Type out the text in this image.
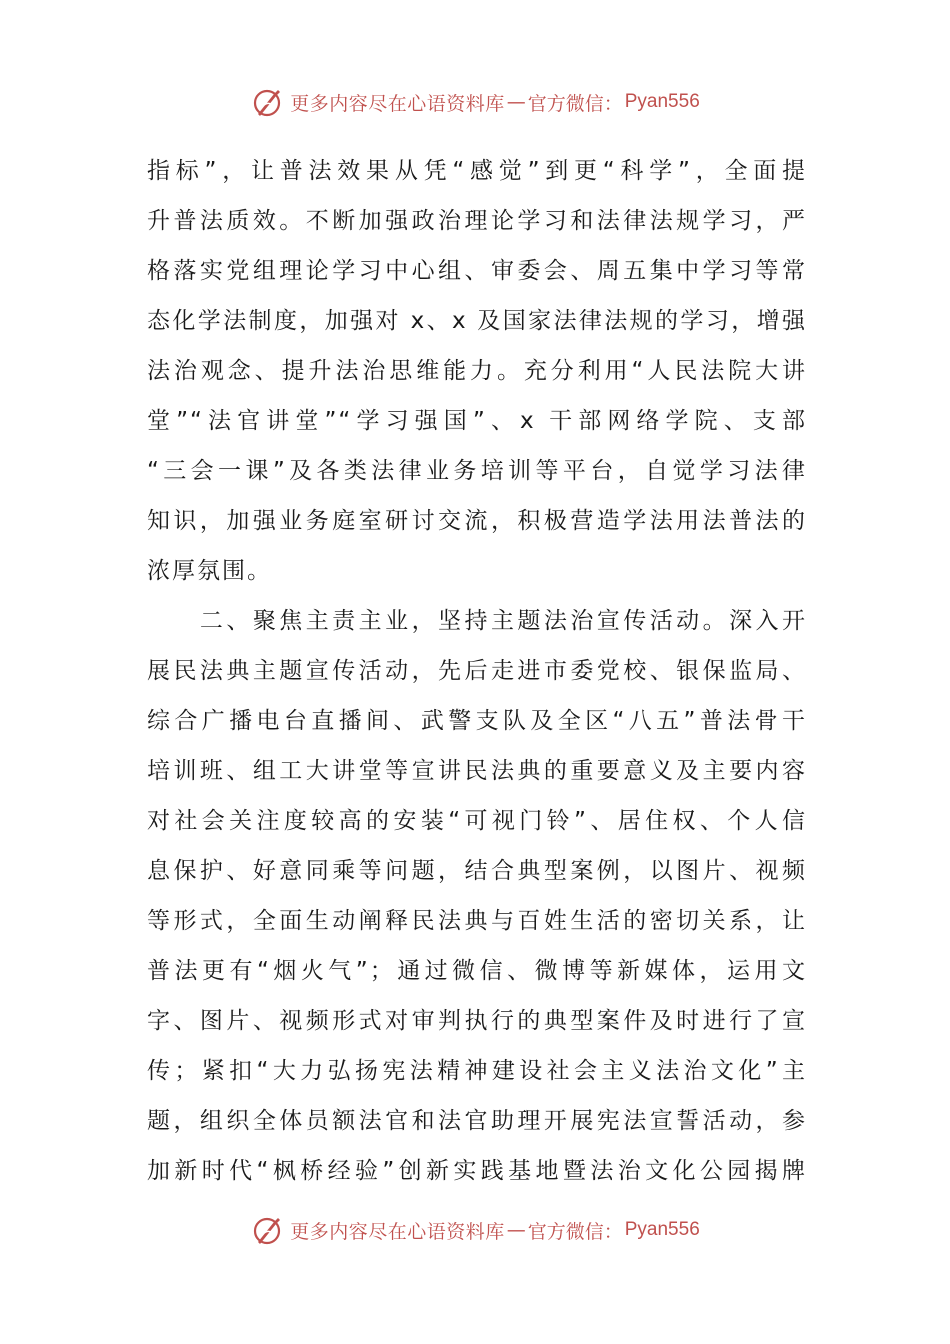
更多内容尽在心语资料库 — 官方微信： Pyan556
指标”，让普法效果从凭“感觉”到更“科学”，全面提
升普法质效。不断加强政治理论学习和法律法规学习，严
格落实党组理论学习中心组、审委会、周五集中学习等常
态化学法制度，加强对 x、x 及国家法律法规的学习，增强
法治观念、提升法治思维能力。充分利用“人民法院大讲
堂”“法官讲堂”“学习强国”、x 干部网络学院、支部
“三会一课”及各类法律业务培训等平台，自觉学习法律
知识，加强业务庭室研讨交流，积极营造学法用法普法的
浓厚氛围。
　　二、聚焦主责主业，坚持主题法治宣传活动。深入开
展民法典主题宣传活动，先后走进市委党校、银保监局、
综合广播电台直播间、武警支队及全区“八五”普法骨干
培训班、组工大讲堂等宣讲民法典的重要意义及主要内容
对社会关注度较高的安装“可视门铃”、居住权、个人信
息保护、好意同乘等问题，结合典型案例，以图片、视频
等形式，全面生动阐释民法典与百姓生活的密切关系，让
普法更有“烟火气”；通过微信、微博等新媒体，运用文
字、图片、视频形式对审判执行的典型案件及时进行了宣
传；紧扣“大力弘扬宪法精神建设社会主义法治文化”主
题，组织全体员额法官和法官助理开展宪法宣誓活动，参
加新时代“枫桥经验”创新实践基地暨法治文化公园揭牌
更多内容尽在心语资料库 — 官方微信： Pyan556
